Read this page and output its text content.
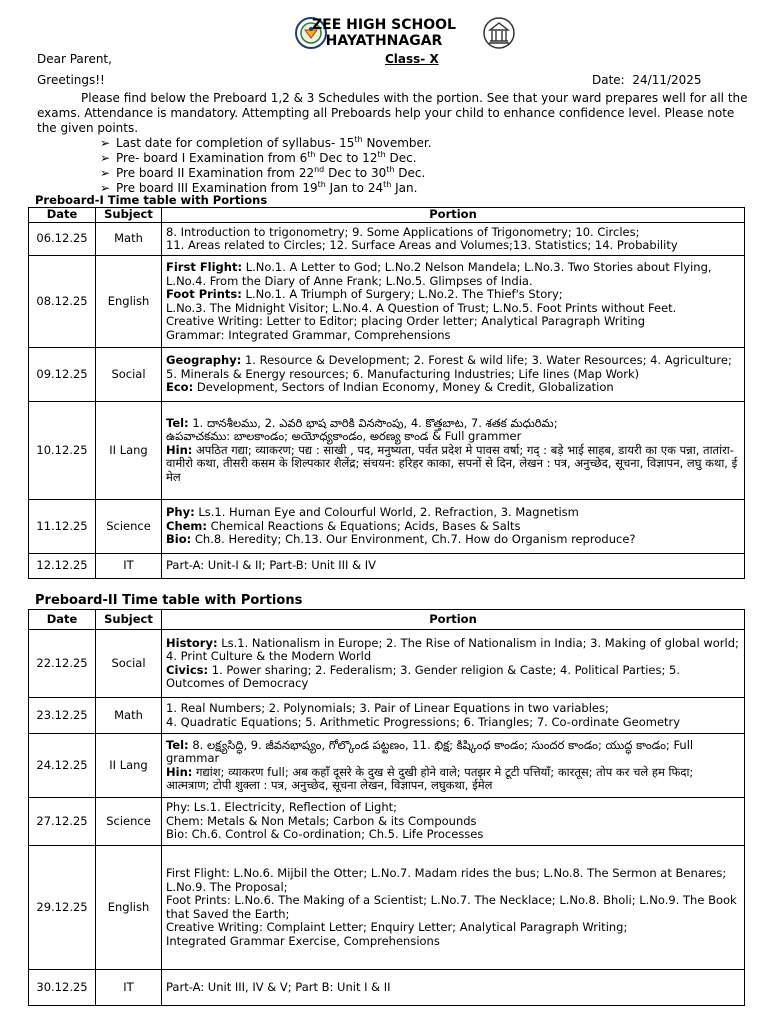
ZEE HIGH SCHOOL
HAYATHNAGAR
Dear Parent,	Class- X
Greetings!!	Date: 24/11/2025

Please find below the Preboard 1,2 & 3 Schedules with the portion. See that your ward prepares well for all the exams. Attendance is mandatory. Attempting all Preboards help your child to enhance confidence level. Please note the given points.

➢ Last date for completion of syllabus- 15th November.
➢ Pre- board I Examination from 6th Dec to 12th Dec.
➢ Pre board II Examination from 22nd Dec to 30th Dec.
➢ Pre board III Examination from 19th Jan to 24th Jan.
Preboard-I Time table with Portions
Date	Subject	Portion
06.12.25	Math	8. Introduction to trigonometry; 9. Some Applications of Trigonometry; 10. Circles;
11. Areas related to Circles; 12. Surface Areas and Volumes;13. Statistics; 14. Probability

08.12.25	English	First Flight: L.No.1. A Letter to God; L.No.2 Nelson Mandela; L.No.3. Two Stories about Flying, L.No.4. From the Diary of Anne Frank; L.No.5. Glimpses of India.
Foot Prints: L.No.1. A Triumph of Surgery; L.No.2. The Thief's Story;
L.No.3. The Midnight Visitor; L.No.4. A Question of Trust; L.No.5. Foot Prints without Feet.
Creative Writing: Letter to Editor; placing Order letter; Analytical Paragraph Writing
Grammar: Integrated Grammar, Comprehensions

09.12.25	Social	Geography: 1. Resource & Development; 2. Forest & wild life; 3. Water Resources; 4. Agriculture;
5. Minerals & Energy resources; 6. Manufacturing Industries; Life lines (Map Work)
Eco: Development, Sectors of Indian Economy, Money & Credit, Globalization

10.12.25	II Lang	Tel: 1. దానశీలము, 2. ఎవరి భాష వారికి వినసొంపు, 4. కొత్తబాట, 7. శతక మధురిమ;
ఉపవాచకము: బాలకాండం; అయోధ్యకాండం, అరణ్య కాండ & Full grammer
Hin: अपठित गद्या; व्याकरण; पद्य : साखी , पद, मनुष्यता, पर्वत प्रदेश मे पावस वर्षा; गद् : बड़े भाई साहब, डायरी का एक पन्ना, तातांरा- वामीरो कथा, तीसरी कसम के शिल्पकार शैलेंद्र; संचयन: हरिहर काका, सपनों से दिन, लेखन : पत्र, अनुच्छेद, सूचना, विज्ञापन, लघु कथा, ई मेल

11.12.25	Science	Phy: Ls.1. Human Eye and Colourful World, 2. Refraction, 3. Magnetism
Chem: Chemical Reactions & Equations; Acids, Bases & Salts
Bio: Ch.8. Heredity; Ch.13. Our Environment, Ch.7. How do Organism reproduce?

12.12.25	IT	Part-A: Unit-I & II; Part-B: Unit III & IV
Preboard-II Time table with Portions
Date	Subject	Portion
22.12.25	Social	History: Ls.1. Nationalism in Europe; 2. The Rise of Nationalism in India; 3. Making of global world;
4. Print Culture & the Modern World
Civics: 1. Power sharing; 2. Federalism; 3. Gender religion & Caste; 4. Political Parties; 5. Outcomes of Democracy

23.12.25	Math	1. Real Numbers; 2. Polynomials; 3. Pair of Linear Equations in two variables;
4. Quadratic Equations; 5. Arithmetic Progressions; 6. Triangles; 7. Co-ordinate Geometry

24.12.25	II Lang	Tel: 8. లక్ష్యసిద్ధి, 9. జీవనభాష్యం, గోల్కొండ పట్టణం, 11. భిక్ష; కిష్కింధ కాండం; సుందర కాండం; యుద్ధ కాండం; Full grammar
Hin: गद्यांश; व्याकरण full; अब कहाँ दूसरे के दुख से दुखी होने वाले; पतझर मे टूटी पत्तियाँ; कारतूस; तोप कर चले हम फिदा; आत्मत्राण; टोपी शुक्ला : पत्र, अनुच्छेद, सूचना लेखन, विज्ञापन, लघुकथा, ईमेल

27.12.25	Science	Phy: Ls.1. Electricity, Reflection of Light;
Chem: Metals & Non Metals; Carbon & its Compounds
Bio: Ch.6. Control & Co-ordination; Ch.5. Life Processes

29.12.25	English	First Flight: L.No.6. Mijbil the Otter; L.No.7. Madam rides the bus; L.No.8. The Sermon at Benares; L.No.9. The Proposal;
Foot Prints: L.No.6. The Making of a Scientist; L.No.7. The Necklace; L.No.8. Bholi; L.No.9. The Book that Saved the Earth;
Creative Writing: Complaint Letter; Enquiry Letter; Analytical Paragraph Writing;
Integrated Grammar Exercise, Comprehensions

30.12.25	IT	Part-A: Unit III, IV & V; Part B: Unit I & II
